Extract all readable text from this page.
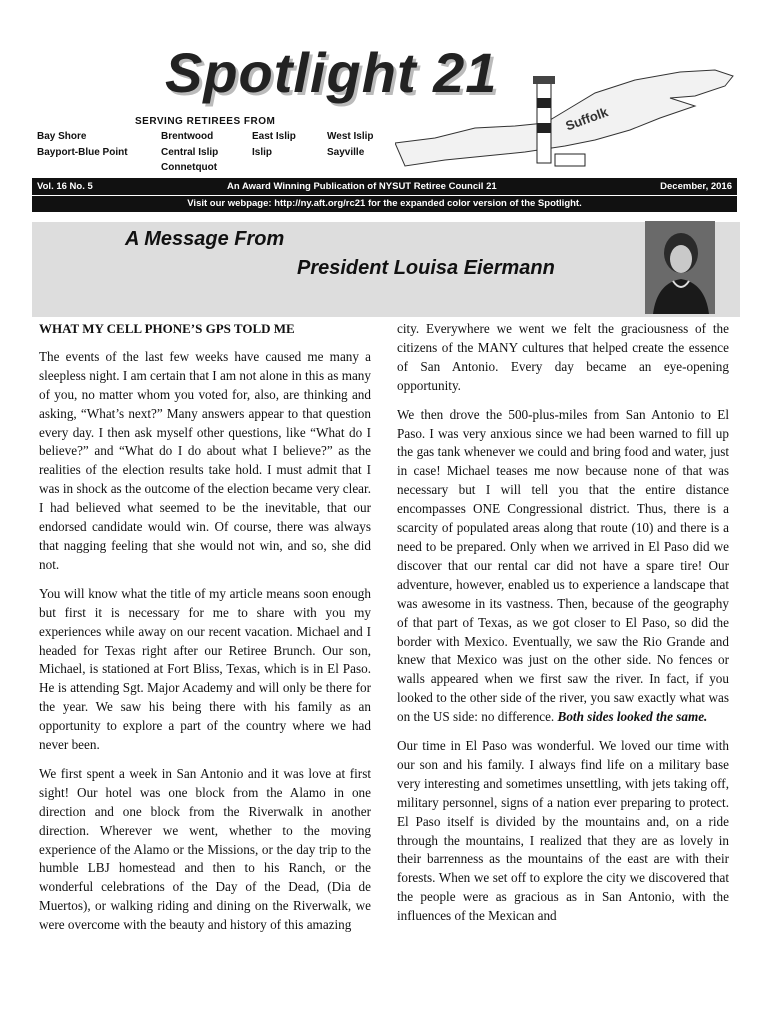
Spotlight 21
SERVING RETIREES FROM
Bay Shore
Bayport-Blue Point
Brentwood
Central Islip
Connetquot
East Islip
Islip
West Islip
Sayville
Suffolk
Vol. 16 No. 5	An Award Winning Publication of NYSUT Retiree Council 21	December, 2016
Visit our webpage: http://ny.aft.org/rc21 for the expanded color version of the Spotlight.
A Message From
President Louisa Eiermann

WHAT MY CELL PHONE’S GPS TOLD ME

The events of the last few weeks have caused me many a sleepless night. I am certain that I am not alone in this as many of you, no matter whom you voted for, also, are thinking and asking, “What’s next?” Many answers appear to that question every day. I then ask myself other questions, like “What do I believe?” and “What do I do about what I believe?” as the realities of the election results take hold. I must admit that I was in shock as the outcome of the election became very clear. I had believed what seemed to be the inevitable, that our endorsed candidate would win. Of course, there was always that nagging feeling that she would not win, and so, she did not.

You will know what the title of my article means soon enough but first it is necessary for me to share with you my experiences while away on our recent vacation. Michael and I headed for Texas right after our Retiree Brunch. Our son, Michael, is stationed at Fort Bliss, Texas, which is in El Paso. He is attending Sgt. Major Academy and will only be there for the year. We saw his being there with his family as an opportunity to explore a part of the country where we had never been.

We first spent a week in San Antonio and it was love at first sight! Our hotel was one block from the Alamo in one direction and one block from the Riverwalk in another direction. Wherever we went, whether to the moving experience of the Alamo or the Missions, or the day trip to the humble LBJ homestead and then to his Ranch, or the wonderful celebrations of the Day of the Dead, (Dia de Muertos), or walking riding and dining on the Riverwalk, we were overcome with the beauty and history of this amazing

city. Everywhere we went we felt the graciousness of the citizens of the MANY cultures that helped create the essence of San Antonio. Every day became an eye-opening opportunity.

We then drove the 500-plus-miles from San Antonio to El Paso. I was very anxious since we had been warned to fill up the gas tank whenever we could and bring food and water, just in case! Michael teases me now because none of that was necessary but I will tell you that the entire distance encompasses ONE Congressional district. Thus, there is a scarcity of populated areas along that route (10) and there is a need to be prepared. Only when we arrived in El Paso did we discover that our rental car did not have a spare tire! Our adventure, however, enabled us to experience a landscape that was awesome in its vastness. Then, because of the geography of that part of Texas, as we got closer to El Paso, so did the border with Mexico. Eventually, we saw the Rio Grande and knew that Mexico was just on the other side. No fences or walls appeared when we first saw the river. In fact, if you looked to the other side of the river, you saw exactly what was on the US side: no difference. Both sides looked the same.

Our time in El Paso was wonderful. We loved our time with our son and his family. I always find life on a military base very interesting and sometimes unsettling, with jets taking off, military personnel, signs of a nation ever preparing to protect. El Paso itself is divided by the mountains and, on a ride through the mountains, I realized that they are as lovely in their barrenness as the mountains of the east are with their forests. When we set off to explore the city we discovered that the people were as gracious as in San Antonio, with the influences of the Mexican and
